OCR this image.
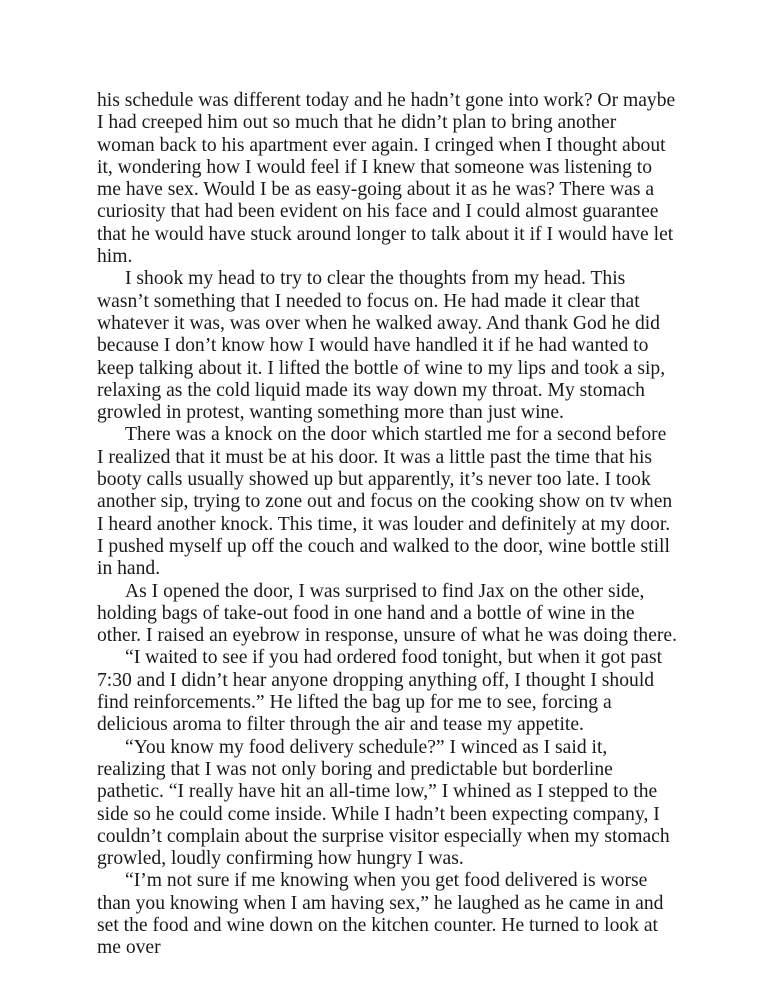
his schedule was different today and he hadn’t gone into work? Or maybe I had creeped him out so much that he didn’t plan to bring another woman back to his apartment ever again. I cringed when I thought about it, wondering how I would feel if I knew that someone was listening to me have sex. Would I be as easy-going about it as he was? There was a curiosity that had been evident on his face and I could almost guarantee that he would have stuck around longer to talk about it if I would have let him.

I shook my head to try to clear the thoughts from my head. This wasn’t something that I needed to focus on. He had made it clear that whatever it was, was over when he walked away. And thank God he did because I don’t know how I would have handled it if he had wanted to keep talking about it. I lifted the bottle of wine to my lips and took a sip, relaxing as the cold liquid made its way down my throat. My stomach growled in protest, wanting something more than just wine.

There was a knock on the door which startled me for a second before I realized that it must be at his door. It was a little past the time that his booty calls usually showed up but apparently, it’s never too late. I took another sip, trying to zone out and focus on the cooking show on tv when I heard another knock. This time, it was louder and definitely at my door. I pushed myself up off the couch and walked to the door, wine bottle still in hand.

As I opened the door, I was surprised to find Jax on the other side, holding bags of take-out food in one hand and a bottle of wine in the other. I raised an eyebrow in response, unsure of what he was doing there.

“I waited to see if you had ordered food tonight, but when it got past 7:30 and I didn’t hear anyone dropping anything off, I thought I should find reinforcements.” He lifted the bag up for me to see, forcing a delicious aroma to filter through the air and tease my appetite.

“You know my food delivery schedule?” I winced as I said it, realizing that I was not only boring and predictable but borderline pathetic. “I really have hit an all-time low,” I whined as I stepped to the side so he could come inside. While I hadn’t been expecting company, I couldn’t complain about the surprise visitor especially when my stomach growled, loudly confirming how hungry I was.

“I’m not sure if me knowing when you get food delivered is worse than you knowing when I am having sex,” he laughed as he came in and set the food and wine down on the kitchen counter. He turned to look at me over
